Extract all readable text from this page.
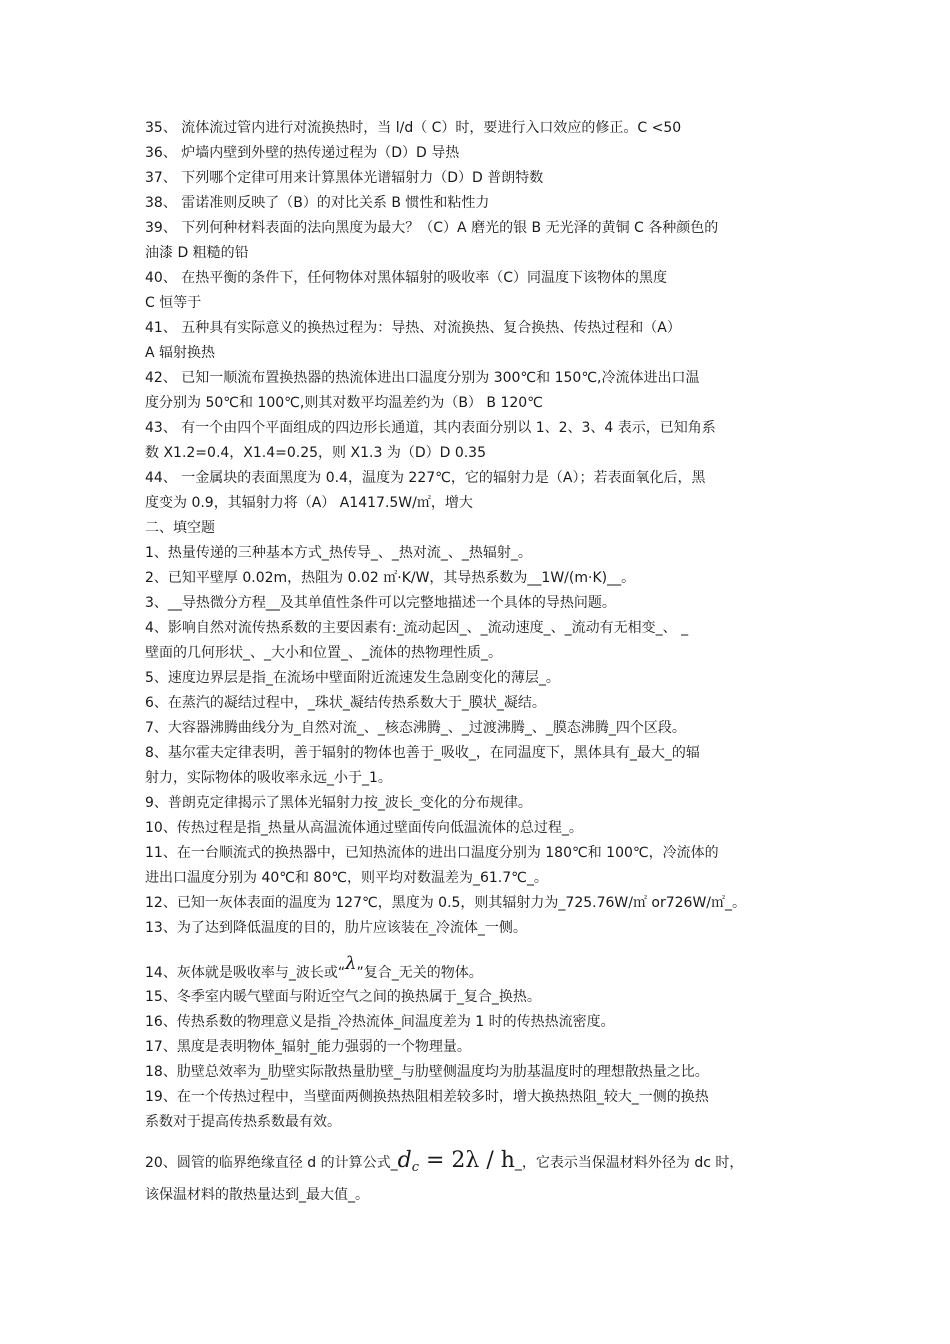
35、 流体流过管内进行对流换热时，当 l/d（ C）时，要进行入口效应的修正。C <50
36、 炉墙内壁到外壁的热传递过程为（D）D 导热
37、 下列哪个定律可用来计算黑体光谱辐射力（D）D 普朗特数
38、 雷诺准则反映了（B）的对比关系 B 惯性和粘性力
39、 下列何种材料表面的法向黑度为最大？（C）A 磨光的银 B 无光泽的黄铜 C 各种颜色的
油漆 D 粗糙的铅
40、 在热平衡的条件下，任何物体对黑体辐射的吸收率（C）同温度下该物体的黑度
C 恒等于
41、 五种具有实际意义的换热过程为：导热、对流换热、复合换热、传热过程和（A）
A 辐射换热
42、 已知一顺流布置换热器的热流体进出口温度分别为 300℃和 150℃,冷流体进出口温
度分别为 50℃和 100℃,则其对数平均温差约为（B） B 120℃
43、 有一个由四个平面组成的四边形长通道，其内表面分别以 1、2、3、4 表示，已知角系
数 X1.2=0.4，X1.4=0.25，则 X1.3 为（D）D 0.35
44、 一金属块的表面黑度为 0.4，温度为 227℃，它的辐射力是（A）；若表面氧化后，黑
度变为 0.9，其辐射力将（A） A1417.5W/㎡，增大
二、填空题
1、热量传递的三种基本方式_热传导_、_热对流_、_热辐射_。
2、已知平壁厚 0.02m，热阻为 0.02 ㎡·K/W，其导热系数为__1W/(m·K)__。
3、__导热微分方程__及其单值性条件可以完整地描述一个具体的导热问题。
4、影响自然对流传热系数的主要因素有:_流动起因_、_流动速度_、_流动有无相变_、 _
壁面的几何形状_、_大小和位置_、_流体的热物理性质_。
5、速度边界层是指_在流场中壁面附近流速发生急剧变化的薄层_。
6、在蒸汽的凝结过程中，_珠状_凝结传热系数大于_膜状_凝结。
7、大容器沸腾曲线分为_自然对流_、_核态沸腾_、_过渡沸腾_、_膜态沸腾_四个区段。
8、基尔霍夫定律表明，善于辐射的物体也善于_吸收_，在同温度下，黑体具有_最大_的辐
射力，实际物体的吸收率永远_小于_1。
9、普朗克定律揭示了黑体光辐射力按_波长_变化的分布规律。
10、传热过程是指_热量从高温流体通过壁面传向低温流体的总过程_。
11、在一台顺流式的换热器中，已知热流体的进出口温度分别为 180℃和 100℃，冷流体的
进出口温度分别为 40℃和 80℃，则平均对数温差为_61.7℃_。
12、已知一灰体表面的温度为 127℃，黑度为 0.5，则其辐射力为_725.76W/㎡ or726W/㎡_。
13、为了达到降低温度的目的，肋片应该装在_冷流体_一侧。
14、灰体就是吸收率与_波长或“λ”复合_无关的物体。
15、冬季室内暖气壁面与附近空气之间的换热属于_复合_换热。
16、传热系数的物理意义是指_冷热流体_间温度差为 1 时的传热热流密度。
17、黑度是表明物体_辐射_能力强弱的一个物理量。
18、肋壁总效率为_肋壁实际散热量肋壁_与肋壁侧温度均为肋基温度时的理想散热量之比。
19、在一个传热过程中，当壁面两侧换热热阻相差较多时，增大换热热阻_较大_一侧的换热
系数对于提高传热系数最有效。
20、圆管的临界绝缘直径 d 的计算公式$\_d_c = 2\lambda$ / h_，它表示当保温材料外径为 dc 时，
该保温材料的散热量达到_最大值_。
